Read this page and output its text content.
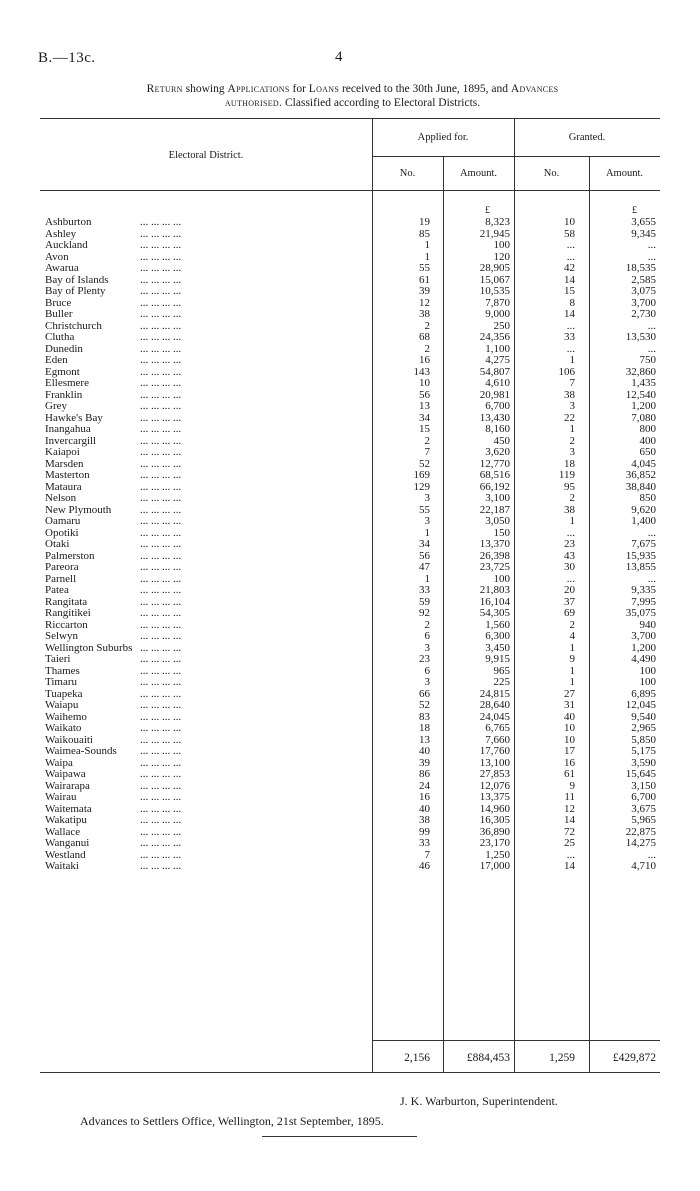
B.—13c.	4
Return showing Applications for Loans received to the 30th June, 1895, and Advances
authorised. Classified according to Electoral Districts.
Electoral District.
Applied for.	Granted.
No.	Amount.	No.	Amount.
£	£
Ashburton	19	8,323	10	3,655
... ... ... ...
Ashley	85	21,945	58	9,345
... ... ... ...
Auckland	1	100	...	...
... ... ... ...
Avon	1	120	...	...
... ... ... ...
Awarua	55	28,905	42	18,535
... ... ... ...
Bay of Islands	61	15,067	14	2,585
... ... ... ...
Bay of Plenty	39	10,535	15	3,075
... ... ... ...
Bruce	12	7,870	8	3,700
... ... ... ...
Buller	38	9,000	14	2,730
... ... ... ...
Christchurch	2	250	...	...
... ... ... ...
Clutha	68	24,356	33	13,530
... ... ... ...
Dunedin	2	1,100	...	...
... ... ... ...
Eden	16	4,275	1	750
... ... ... ...
Egmont	143	54,807	106	32,860
... ... ... ...
Ellesmere	10	4,610	7	1,435
... ... ... ...
Franklin	56	20,981	38	12,540
... ... ... ...
Grey	13	6,700	3	1,200
... ... ... ...
Hawke's Bay	34	13,430	22	7,080
... ... ... ...
Inangahua	15	8,160	1	800
... ... ... ...
Invercargill	2	450	2	400
... ... ... ...
Kaiapoi	7	3,620	3	650
... ... ... ...
Marsden	52	12,770	18	4,045
... ... ... ...
Masterton	169	68,516	119	36,852
... ... ... ...
Mataura	129	66,192	95	38,840
... ... ... ...
Nelson	3	3,100	2	850
... ... ... ...
New Plymouth	55	22,187	38	9,620
... ... ... ...
Oamaru	3	3,050	1	1,400
... ... ... ...
Opotiki	1	150	...	...
... ... ... ...
Otaki	34	13,370	23	7,675
... ... ... ...
Palmerston	56	26,398	43	15,935
... ... ... ...
Pareora	47	23,725	30	13,855
... ... ... ...
Parnell	1	100	...	...
... ... ... ...
Patea	33	21,803	20	9,335
... ... ... ...
Rangitata	59	16,104	37	7,995
... ... ... ...
Rangitikei	92	54,305	69	35,075
... ... ... ...
Riccarton	2	1,560	2	940
... ... ... ...
Selwyn	6	6,300	4	3,700
... ... ... ...
Wellington Suburbs	3	3,450	1	1,200
... ... ... ...
Taieri	23	9,915	9	4,490
... ... ... ...
Thames	6	965	1	100
... ... ... ...
Timaru	3	225	1	100
... ... ... ...
Tuapeka	66	24,815	27	6,895
... ... ... ...
Waiapu	52	28,640	31	12,045
... ... ... ...
Waihemo	83	24,045	40	9,540
... ... ... ...
Waikato	18	6,765	10	2,965
... ... ... ...
Waikouaiti	13	7,660	10	5,850
... ... ... ...
Waimea-Sounds	40	17,760	17	5,175
... ... ... ...
Waipa	39	13,100	16	3,590
... ... ... ...
Waipawa	86	27,853	61	15,645
... ... ... ...
Wairarapa	24	12,076	9	3,150
... ... ... ...
Wairau	16	13,375	11	6,700
... ... ... ...
Waitemata	40	14,960	12	3,675
... ... ... ...
Wakatipu	38	16,305	14	5,965
... ... ... ...
Wallace	99	36,890	72	22,875
... ... ... ...
Wanganui	33	23,170	25	14,275
... ... ... ...
Westland	7	1,250	...	...
... ... ... ...
Waitaki	46	17,000	14	4,710
... ... ... ...
2,156	£884,453	1,259	£429,872
J. K. Warburton, Superintendent.
Advances to Settlers Office, Wellington, 21st September, 1895.
